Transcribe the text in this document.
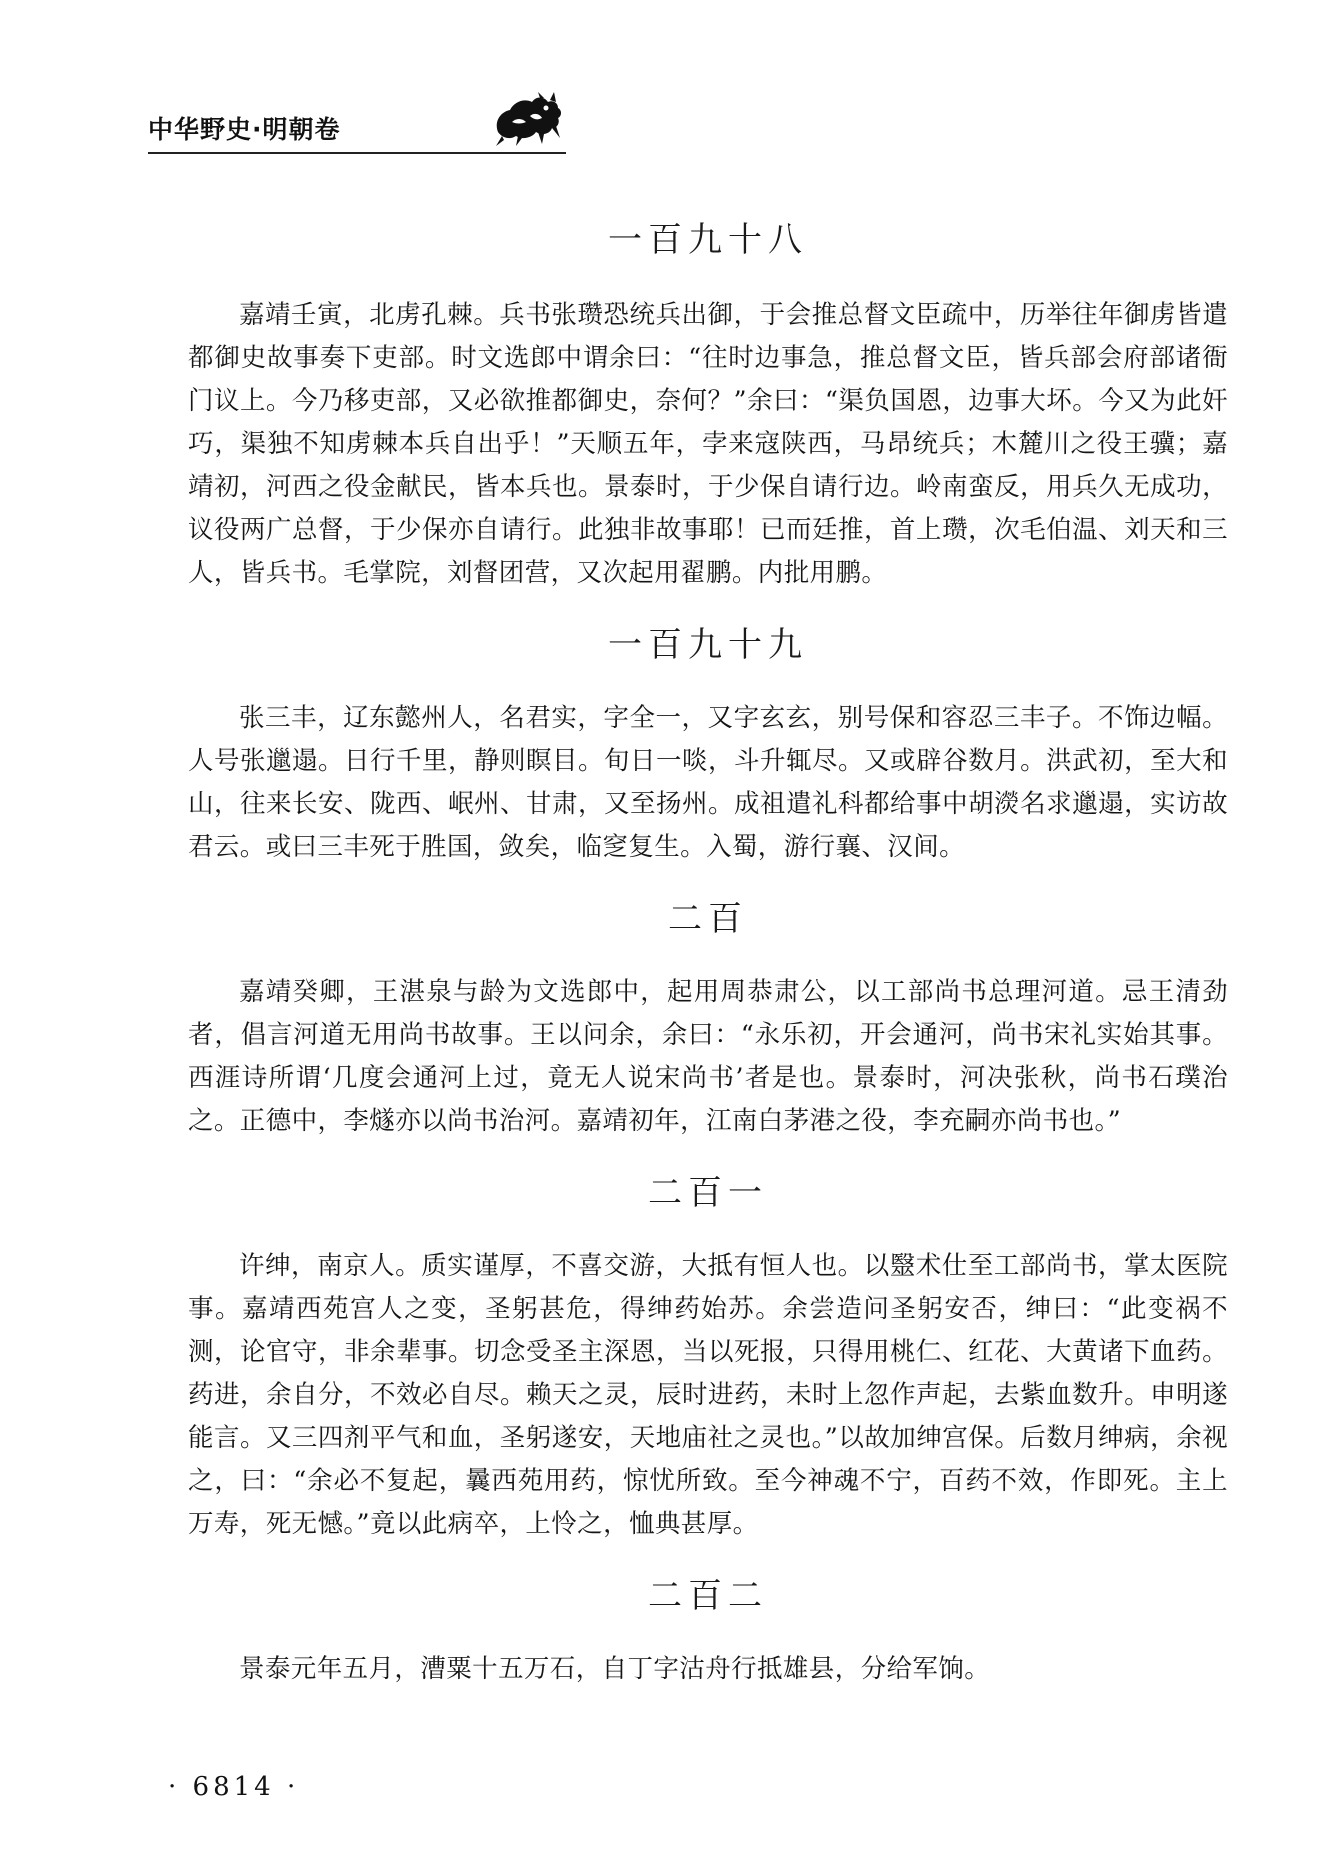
中华野史·明朝卷
一百九十八

嘉靖壬寅，北虏孔棘。兵书张瓒恐统兵出御，于会推总督文臣疏中，历举往年御虏皆遣都御史故事奏下吏部。时文选郎中谓余曰：“往时边事急，推总督文臣，皆兵部会府部诸衙门议上。今乃移吏部，又必欲推都御史，奈何？”余曰：“渠负国恩，边事大坏。今又为此奸巧，渠独不知虏棘本兵自出乎！”天顺五年，孛来寇陕西，马昂统兵；木麓川之役王骥；嘉靖初，河西之役金献民，皆本兵也。景泰时，于少保自请行边。岭南蛮反，用兵久无成功，议役两广总督，于少保亦自请行。此独非故事耶！已而廷推，首上瓒，次毛伯温、刘天和三人，皆兵书。毛掌院，刘督团营，又次起用翟鹏。内批用鹏。

一百九十九

张三丰，辽东懿州人，名君实，字全一，又字玄玄，别号保和容忍三丰子。不饰边幅。人号张邋遢。日行千里，静则瞑目。旬日一啖，斗升辄尽。又或辟谷数月。洪武初，至大和山，往来长安、陇西、岷州、甘肃，又至扬州。成祖遣礼科都给事中胡濙名求邋遢，实访故君云。或曰三丰死于胜国，敛矣，临窆复生。入蜀，游行襄、汉间。

二百

嘉靖癸卿，王湛泉与龄为文选郎中，起用周恭肃公，以工部尚书总理河道。忌王清劲者，倡言河道无用尚书故事。王以问余，余曰：“永乐初，开会通河，尚书宋礼实始其事。西涯诗所谓‘几度会通河上过，竟无人说宋尚书’者是也。景泰时，河决张秋，尚书石璞治之。正德中，李燧亦以尚书治河。嘉靖初年，江南白茅港之役，李充嗣亦尚书也。”

二百一

许绅，南京人。质实谨厚，不喜交游，大抵有恒人也。以毉术仕至工部尚书，掌太医院事。嘉靖西苑宫人之变，圣躬甚危，得绅药始苏。余尝造问圣躬安否，绅曰：“此变祸不测，论官守，非余辈事。切念受圣主深恩，当以死报，只得用桃仁、红花、大黄诸下血药。药进，余自分，不效必自尽。赖天之灵，辰时进药，未时上忽作声起，去紫血数升。申明遂能言。又三四剂平气和血，圣躬遂安，天地庙社之灵也。”以故加绅宫保。后数月绅病，余视之，曰：“余必不复起，曩西苑用药，惊忧所致。至今神魂不宁，百药不效，作即死。主上万寿，死无憾。”竟以此病卒，上怜之，恤典甚厚。

二百二

景泰元年五月，漕粟十五万石，自丁字沽舟行抵雄县，分给军饷。

· 6814 ·
